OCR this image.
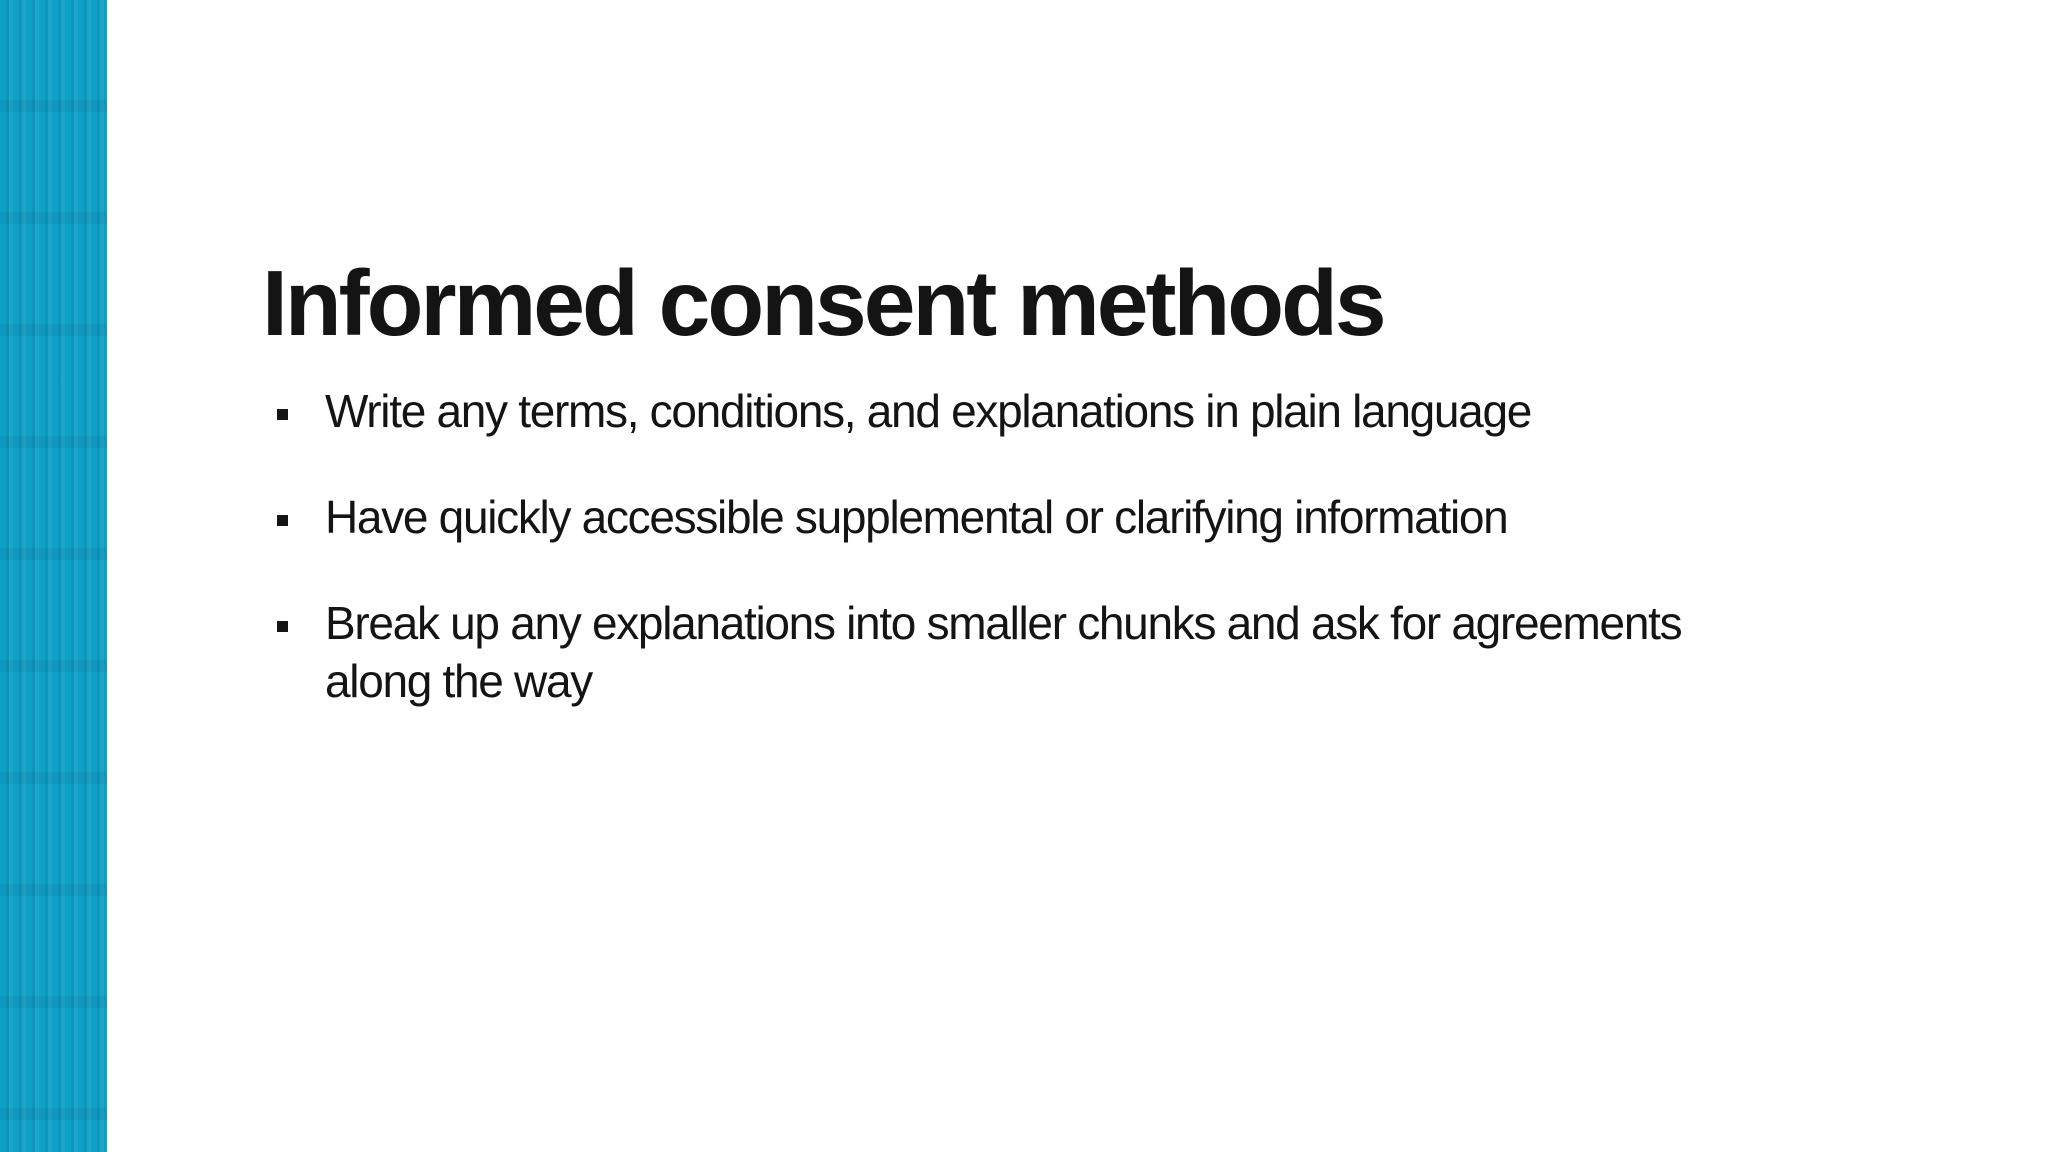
Informed consent methods
Write any terms, conditions, and explanations in plain language
Have quickly accessible supplemental or clarifying information
Break up any explanations into smaller chunks and ask for agreements along the way
